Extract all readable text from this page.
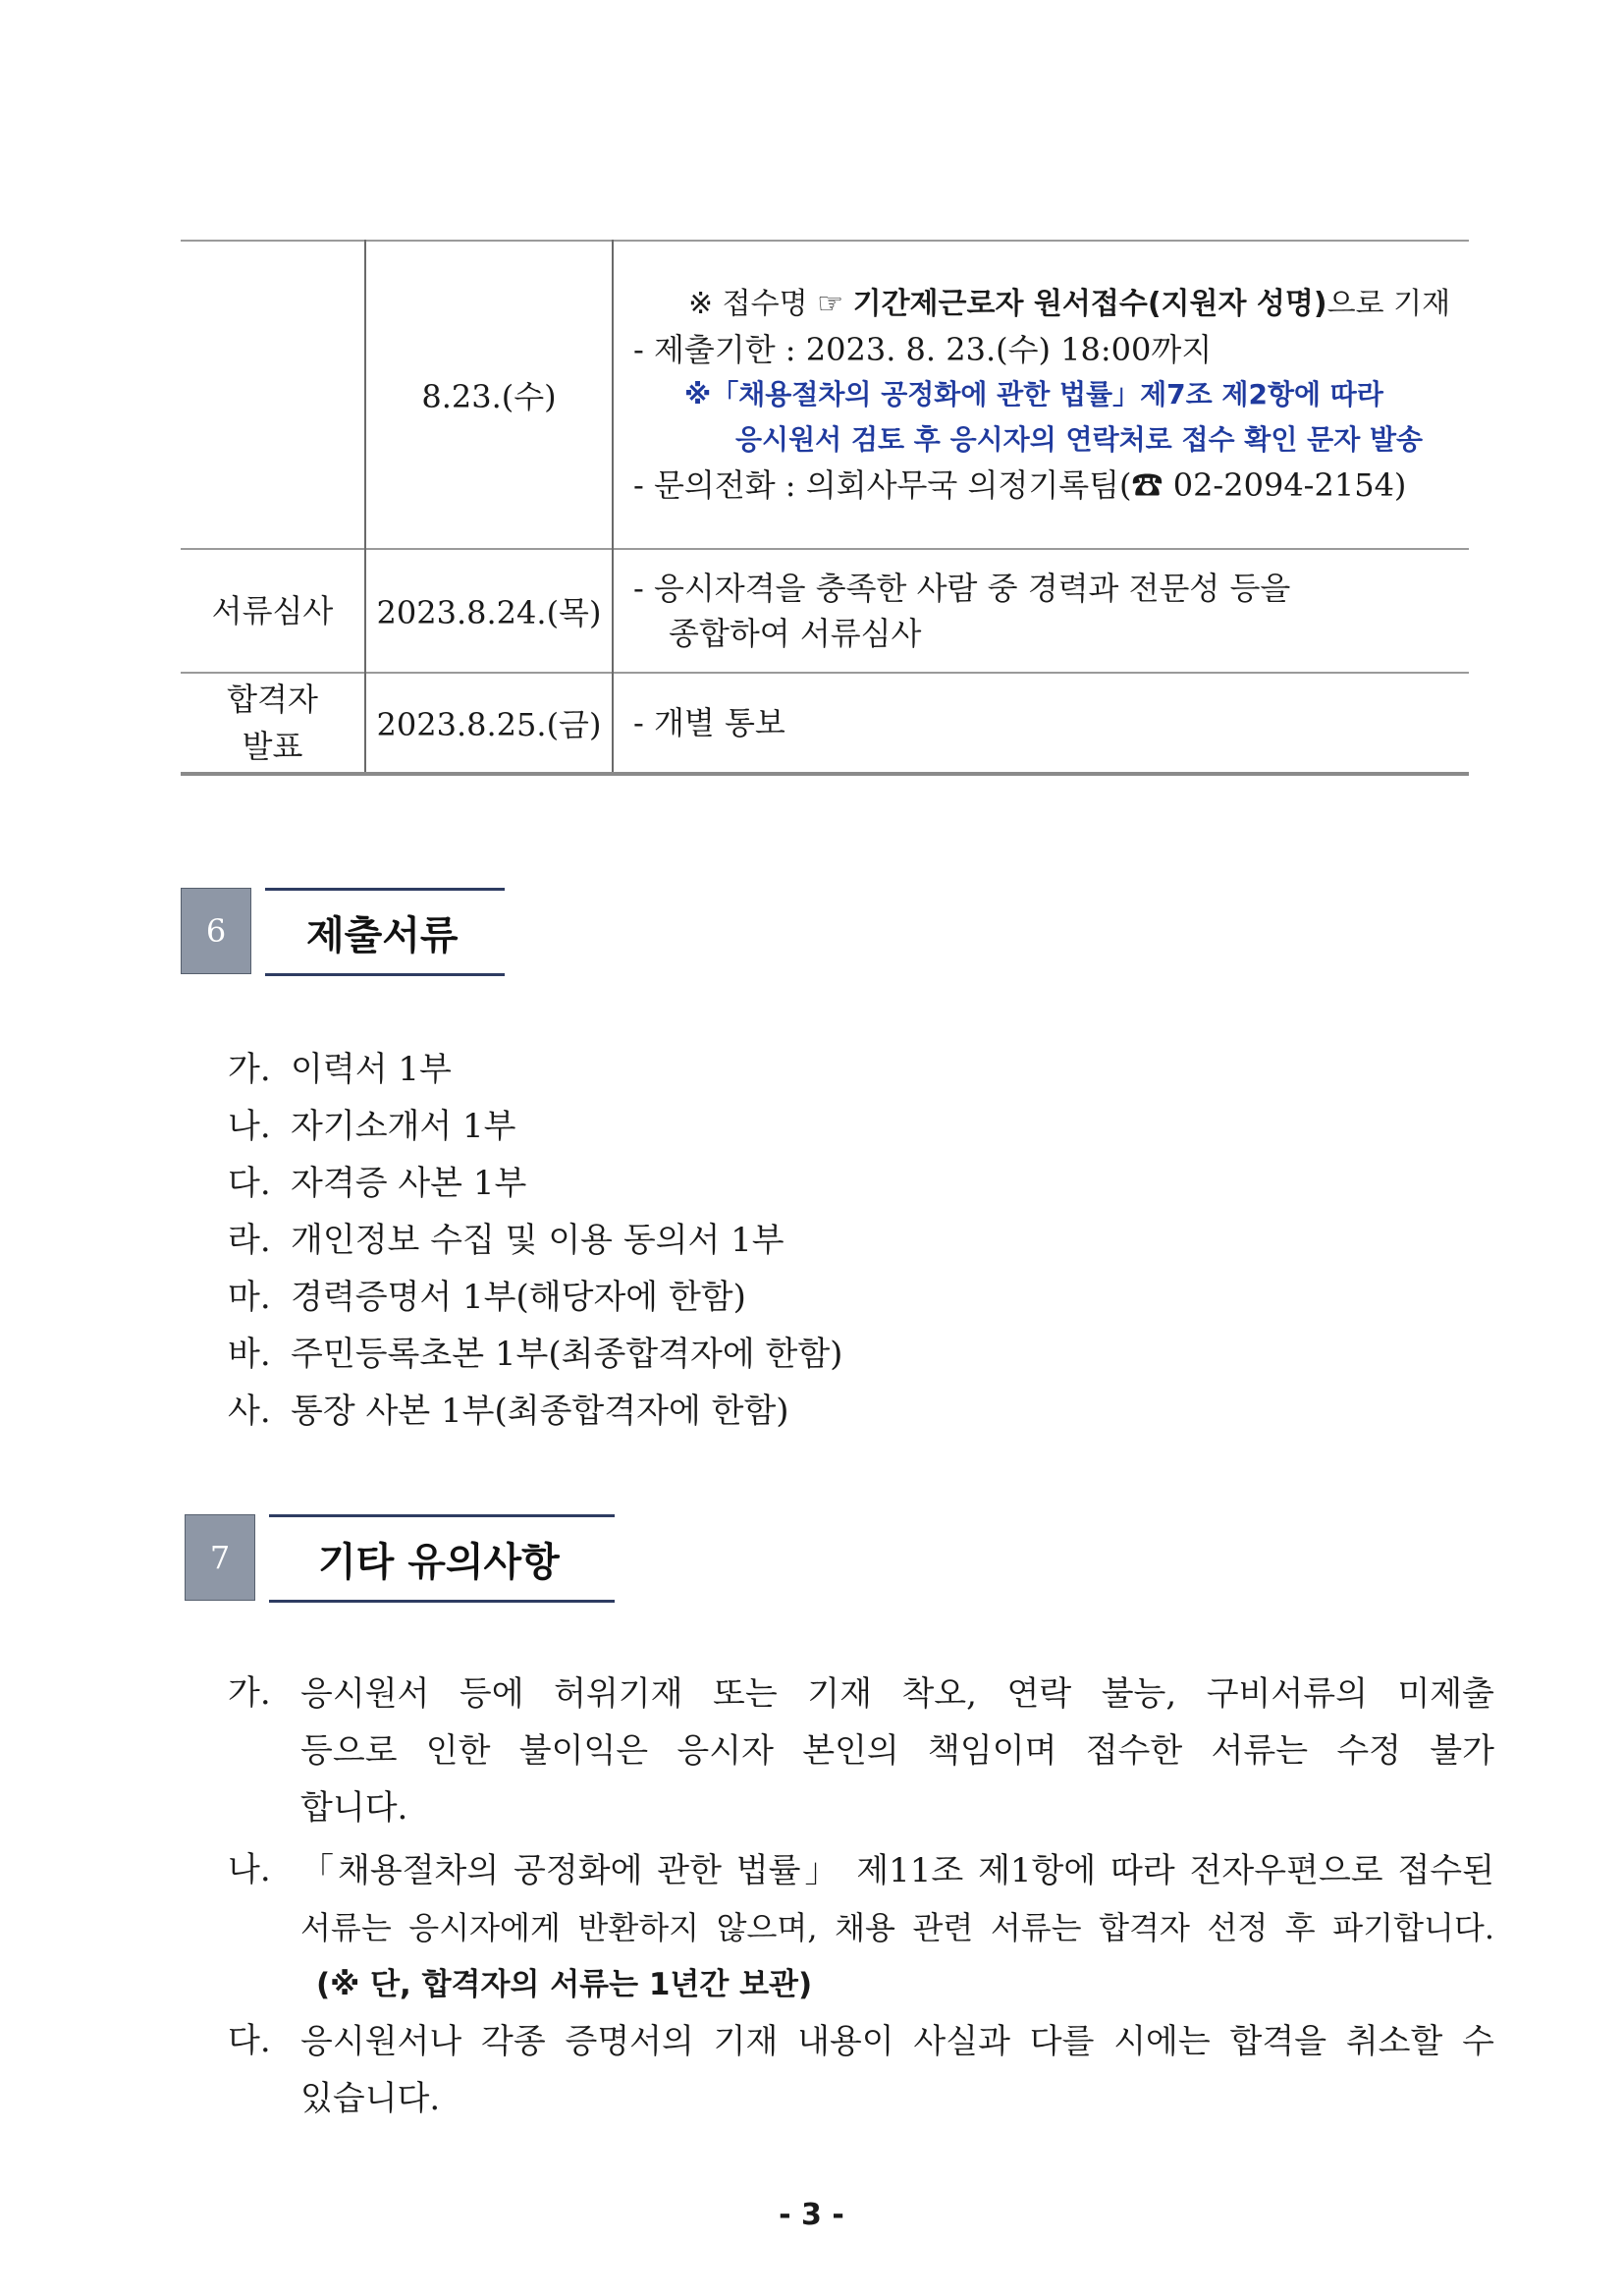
	8.23.(수)	※ 접수명 ☞ 기간제근로자 원서접수(지원자 성명)으로 기재
- 제출기한 : 2023. 8. 23.(수) 18:00까지
※「채용절차의 공정화에 관한 법률」제7조 제2항에 따라
응시원서 검토 후 응시자의 연락처로 접수 확인 문자 발송
- 문의전화 : 의회사무국 의정기록팀(☎ 02-2094-2154)

서류심사	2023.8.24.(목)	- 응시자격을 충족한 사람 중 경력과 전문성 등을
종합하여 서류심사

합격자
발표	2023.8.25.(금)	- 개별 통보
6	제출서류
가. 이력서 1부
나. 자기소개서 1부
다. 자격증 사본 1부
라. 개인정보 수집 및 이용 동의서 1부
마. 경력증명서 1부(해당자에 한함)
바. 주민등록초본 1부(최종합격자에 한함)
사. 통장 사본 1부(최종합격자에 한함)
7	기타 유의사항
가. 응시원서 등에 허위기재 또는 기재 착오, 연락 불능, 구비서류의 미제출
등으로 인한 불이익은 응시자 본인의 책임이며 접수한 서류는 수정 불가
합니다.
나. 「채용절차의 공정화에 관한 법률」 제11조 제1항에 따라 전자우편으로 접수된
서류는 응시자에게 반환하지 않으며, 채용 관련 서류는 합격자 선정 후 파기합니다.
(※ 단, 합격자의 서류는 1년간 보관)
다. 응시원서나 각종 증명서의 기재 내용이 사실과 다를 시에는 합격을 취소할 수
있습니다.
- 3 -
